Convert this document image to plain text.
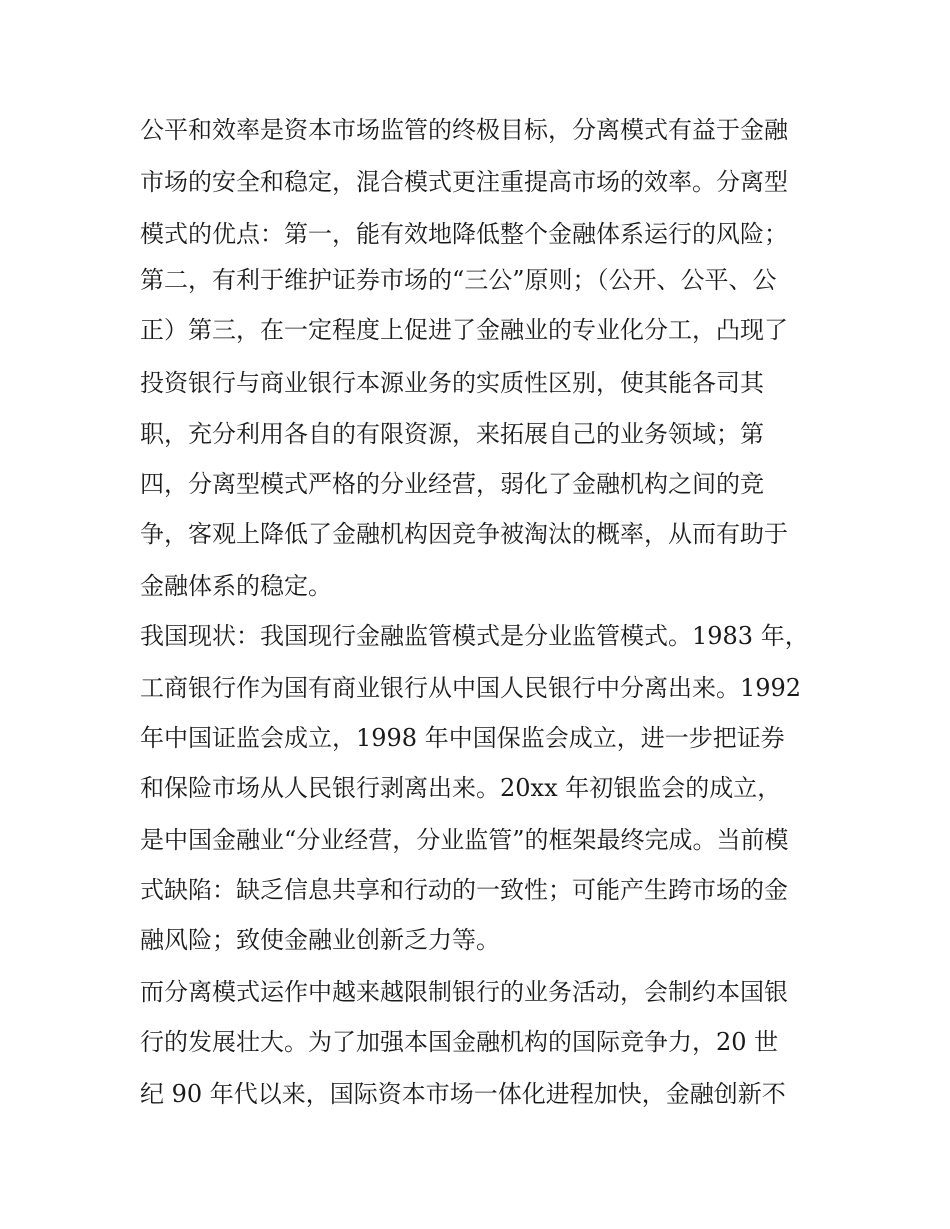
公平和效率是资本市场监管的终极目标，分离模式有益于金融
市场的安全和稳定，混合模式更注重提高市场的效率。分离型
模式的优点：第一，能有效地降低整个金融体系运行的风险；
第二，有利于维护证券市场的“三公”原则；（公开、公平、公
正）第三，在一定程度上促进了金融业的专业化分工，凸现了
投资银行与商业银行本源业务的实质性区别，使其能各司其
职，充分利用各自的有限资源，来拓展自己的业务领域；第
四，分离型模式严格的分业经营，弱化了金融机构之间的竞
争，客观上降低了金融机构因竞争被淘汰的概率，从而有助于
金融体系的稳定。
我国现状：我国现行金融监管模式是分业监管模式。1983 年，
工商银行作为国有商业银行从中国人民银行中分离出来。1992
年中国证监会成立，1998 年中国保监会成立，进一步把证券
和保险市场从人民银行剥离出来。20xx 年初银监会的成立，
是中国金融业“分业经营，分业监管”的框架最终完成。当前模
式缺陷：缺乏信息共享和行动的一致性；可能产生跨市场的金
融风险；致使金融业创新乏力等。
而分离模式运作中越来越限制银行的业务活动，会制约本国银
行的发展壮大。为了加强本国金融机构的国际竞争力，20 世
纪 90 年代以来，国际资本市场一体化进程加快，金融创新不
